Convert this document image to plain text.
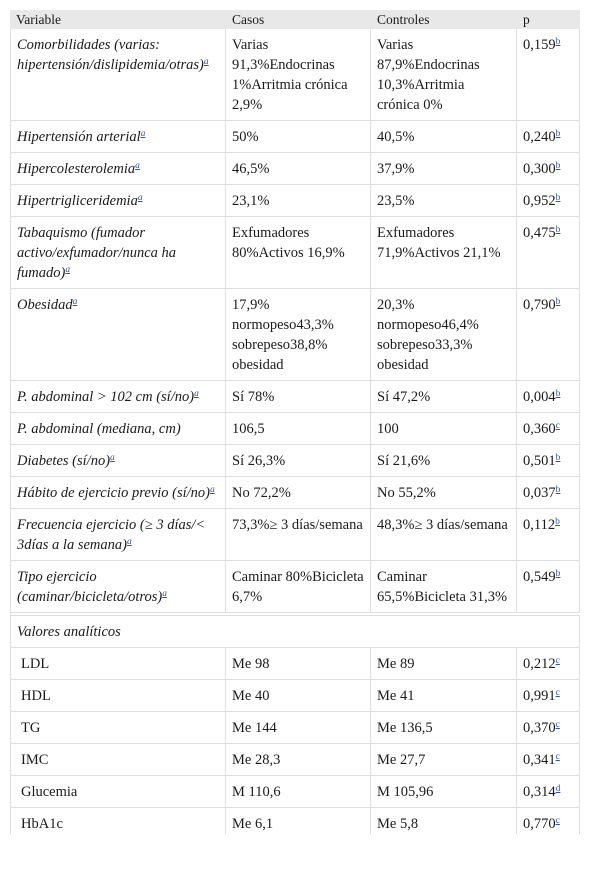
Variable	Casos	Controles	p
Comorbilidades (varias: hipertensión/dislipidemia/otras)$^a$	Varias 91,3%Endocrinas 1%Arritmia crónica 2,9%	Varias 87,9%Endocrinas 10,3%Arritmia crónica 0%	0,159$^b$
Hipertensión arterial$^a$	50%	40,5%	0,240$^b$
Hipercolesterolemia$^a$	46,5%	37,9%	0,300$^b$
Hipertrigliceridemia$^a$	23,1%	23,5%	0,952$^b$
Tabaquismo (fumador activo/exfumador/nunca ha fumado)$^a$	Exfumadores 80%Activos 16,9%	Exfumadores 71,9%Activos 21,1%	0,475$^b$
Obesidad$^a$	17,9% normopeso43,3% sobrepeso38,8% obesidad	20,3% normopeso46,4% sobrepeso33,3% obesidad	0,790$^b$
P. abdominal > 102 cm (sí/no)$^a$	Sí 78%	Sí 47,2%	0,004$^b$
P. abdominal (mediana, cm)	106,5	100	0,360$^c$
Diabetes (sí/no)$^a$	Sí 26,3%	Sí 21,6%	0,501$^b$
Hábito de ejercicio previo (sí/no)$^a$	No 72,2%	No 55,2%	0,037$^b$
Frecuencia ejercicio (≥ 3 días/< 3días a la semana)$^a$	73,3%≥ 3 días/semana	48,3%≥ 3 días/semana	0,112$^b$
Tipo ejercicio (caminar/bicicleta/otros)$^a$	Caminar 80%Bicicleta 6,7%	Caminar 65,5%Bicicleta 31,3%	0,549$^b$

Valores analíticos			
LDL	Me 98	Me 89	0,212$^c$
HDL	Me 40	Me 41	0,991$^c$
TG	Me 144	Me 136,5	0,370$^c$
IMC	Me 28,3	Me 27,7	0,341$^c$
Glucemia	M 110,6	M 105,96	0,314$^d$
HbA1c	Me 6,1	Me 5,8	0,770$^c$
